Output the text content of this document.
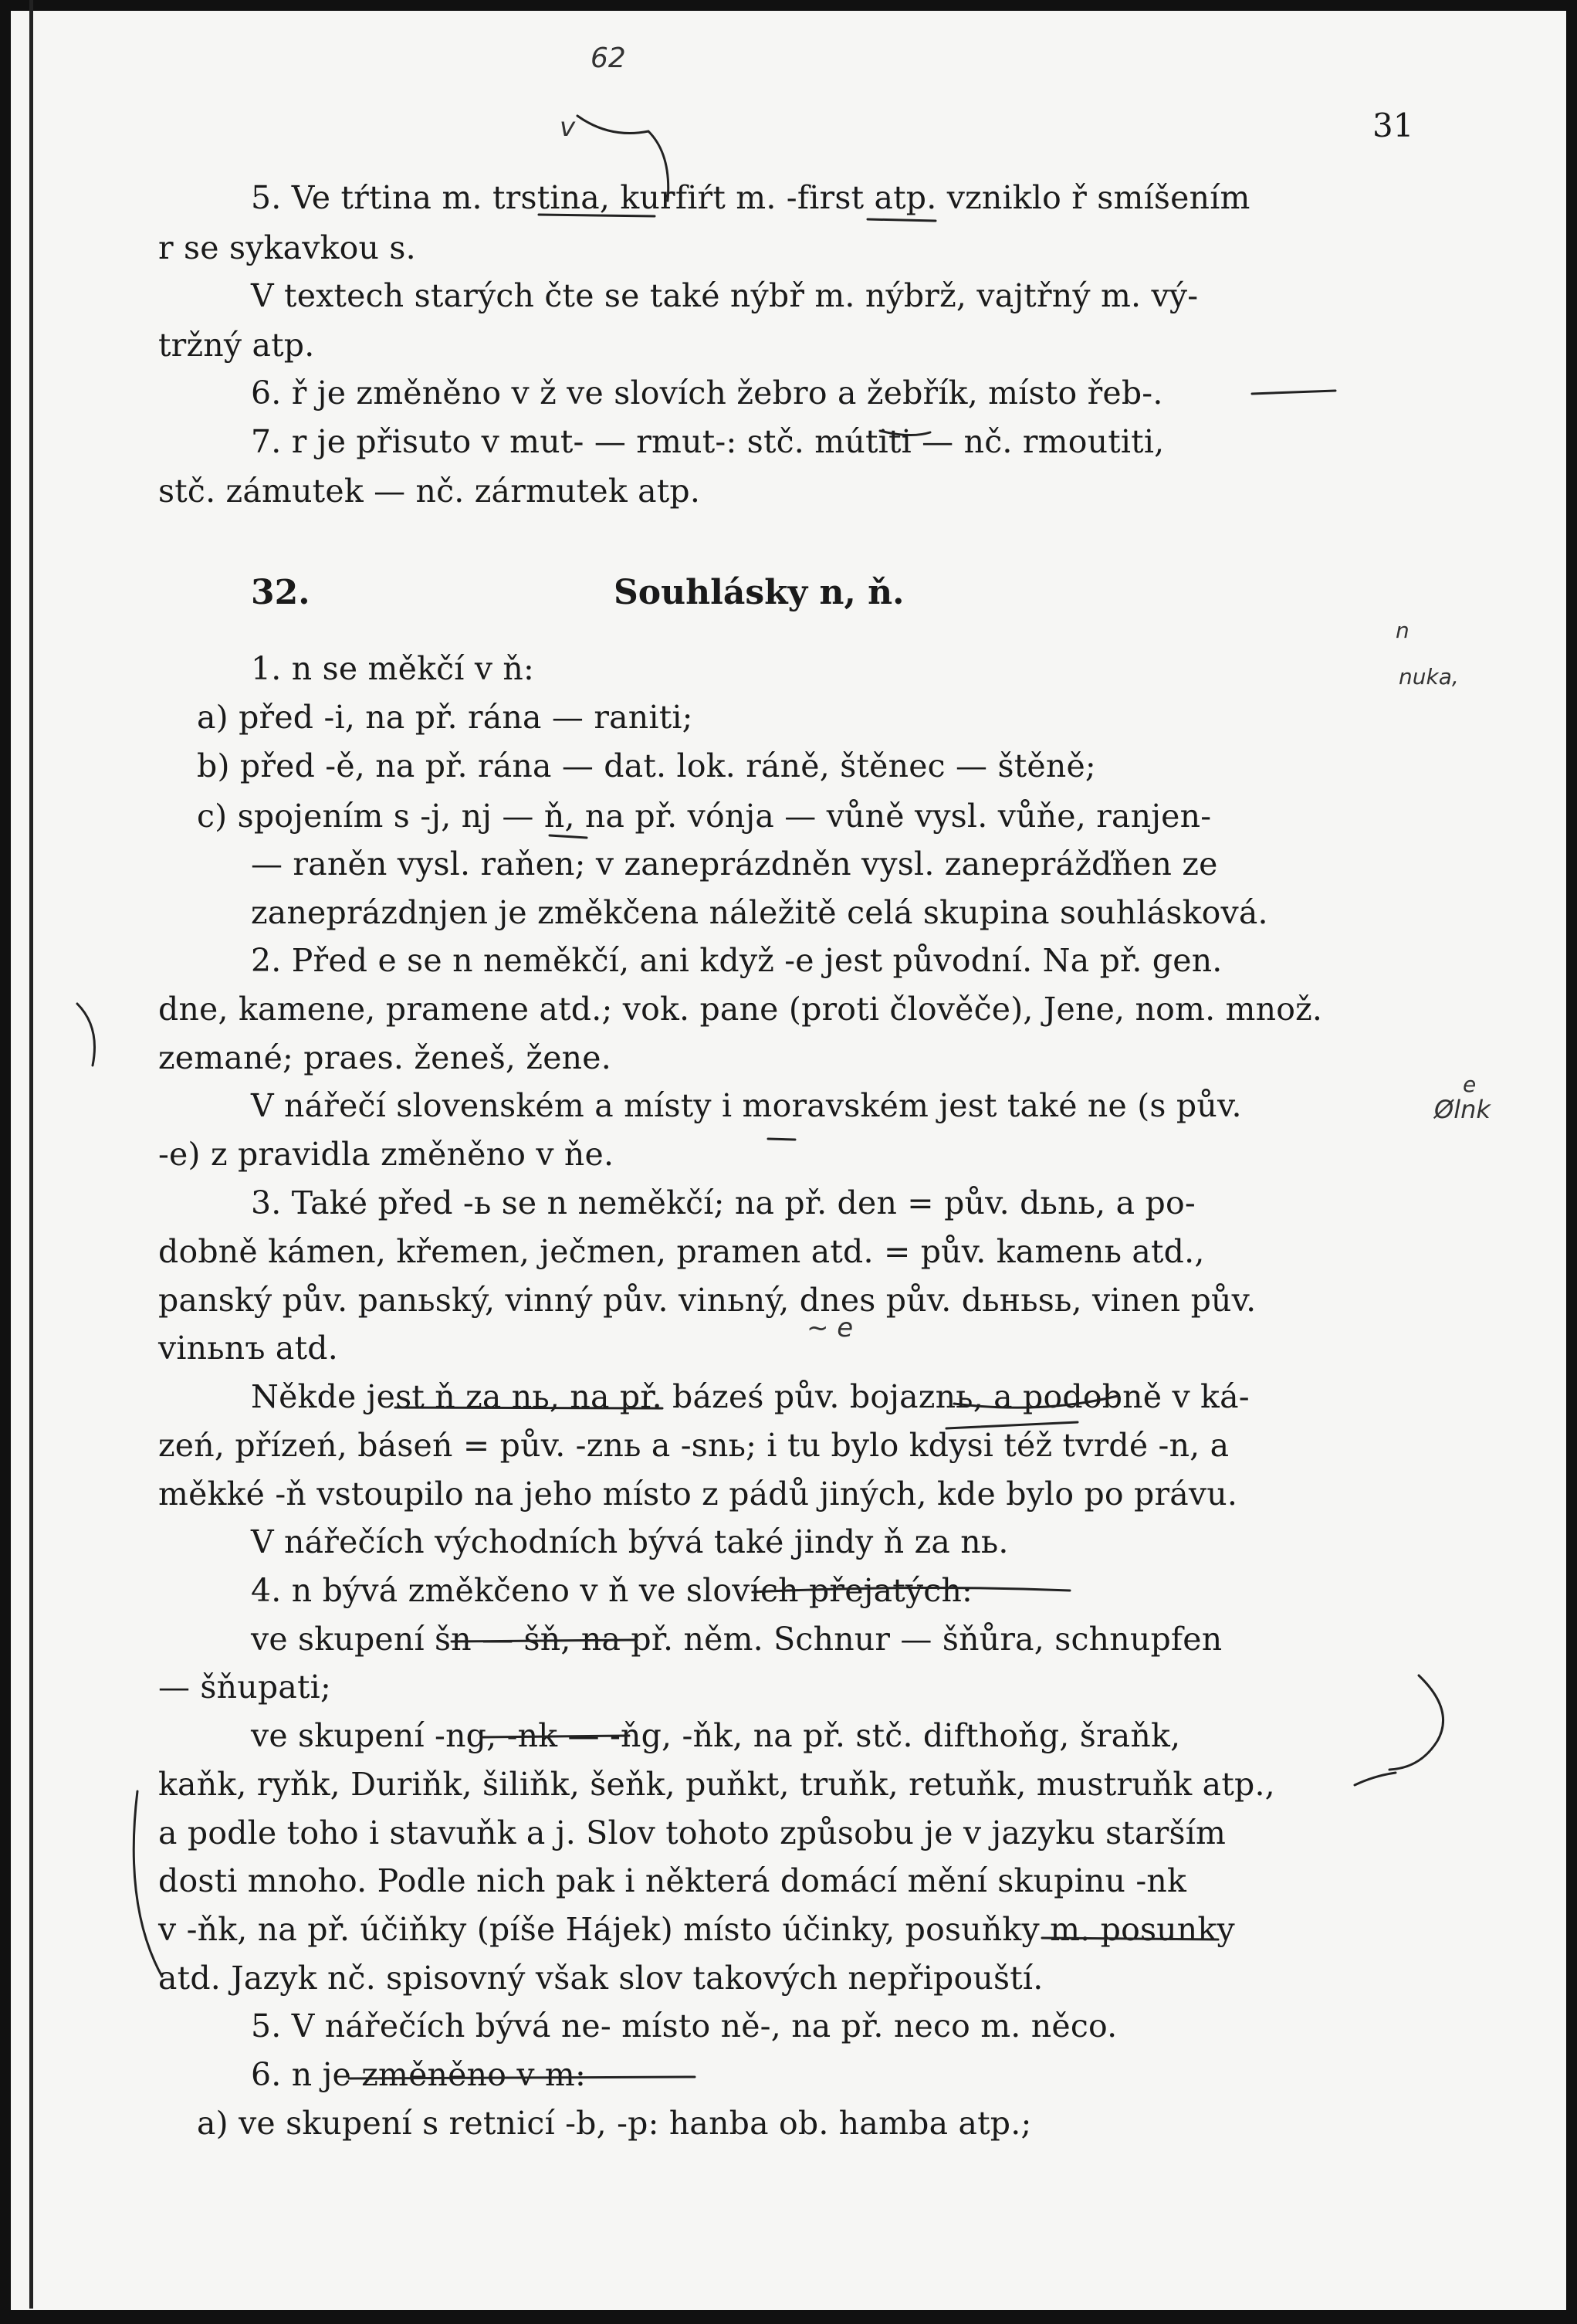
31
5. Ve tŕtina m. trstina, kurfiŕt m. -first atp. vzniklo ř smíšením
r se sykavkou s.
V textech starých čte se také nýbř m. nýbrž, vajtřný m. vý-
tržný atp.
6. ř je změněno v ž ve slovích žebro a žebřík, místo řeb-.
7. r je přisuto v mut- — rmut-: stč. mútiti — nč. rmoutiti,
stč. zámutek — nč. zármutek atp.
32.	Souhlásky n, ň.
1. n se měkčí v ň:
a) před -i, na př. rána — raniti;
b) před -ě, na př. rána — dat. lok. ráně, štěnec — štěně;
c) spojením s -j, nj — ň, na př. vónja — vůně vysl. vůňe, ranjen-
— raněn vysl. raňen; v zaneprázdněn vysl. zaneprážďňen ze
zaneprázdnjen je změkčena náležitě celá skupina souhlásková.
2. Před e se n neměkčí, ani když -e jest původní. Na př. gen.
dne, kamene, pramene atd.; vok. pane (proti člověče), Jene, nom. množ.
zemané; praes. ženeš, žene.
V nářečí slovenském a místy i moravském jest také ne (s pův.
-e) z pravidla změněno v ňe.
3. Také před -ь se n neměkčí; na př. den = pův. dьnь, a po-
dobně kámen, křemen, ječmen, pramen atd. = pův. kamenь atd.,
panský pův. panьský, vinný pův. vinьný, dnes pův. dьньsь, vinen pův.
vinьnъ atd.
Někde jest ň za nь, na př. báześ pův. bojaznь, a podobně v ká-
zeń, přízeń, báseń = pův. -znь a -snь; i tu bylo kdysi též tvrdé -n, a
měkké -ň vstoupilo na jeho místo z pádů jiných, kde bylo po právu.
V nářečích východních bývá také jindy ň za nь.
4. n bývá změkčeno v ň ve slovích přejatých:
ve skupení šn — šň, na př. něm. Schnur — šňůra, schnupfen
— šňupati;
ve skupení -ng, -nk — -ňg, -ňk, na př. stč. difthoňg, šraňk,
kaňk, ryňk, Duriňk, šiliňk, šeňk, puňkt, truňk, retuňk, mustruňk atp.,
a podle toho i stavuňk a j. Slov tohoto způsobu je v jazyku starším
dosti mnoho. Podle nich pak i některá domácí mění skupinu -nk
v -ňk, na př. účiňky (píše Hájek) místo účinky, posuňky m. posunky
atd. Jazyk nč. spisovný však slov takových nepřipouští.
5. V nářečích bývá ne- místo ně-, na př. neco m. něco.
6. n je změněno v m:
a) ve skupení s retnicí -b, -p: hanba ob. hamba atp.;
n
nuka,
e
Ølnk
62
v
~ e
